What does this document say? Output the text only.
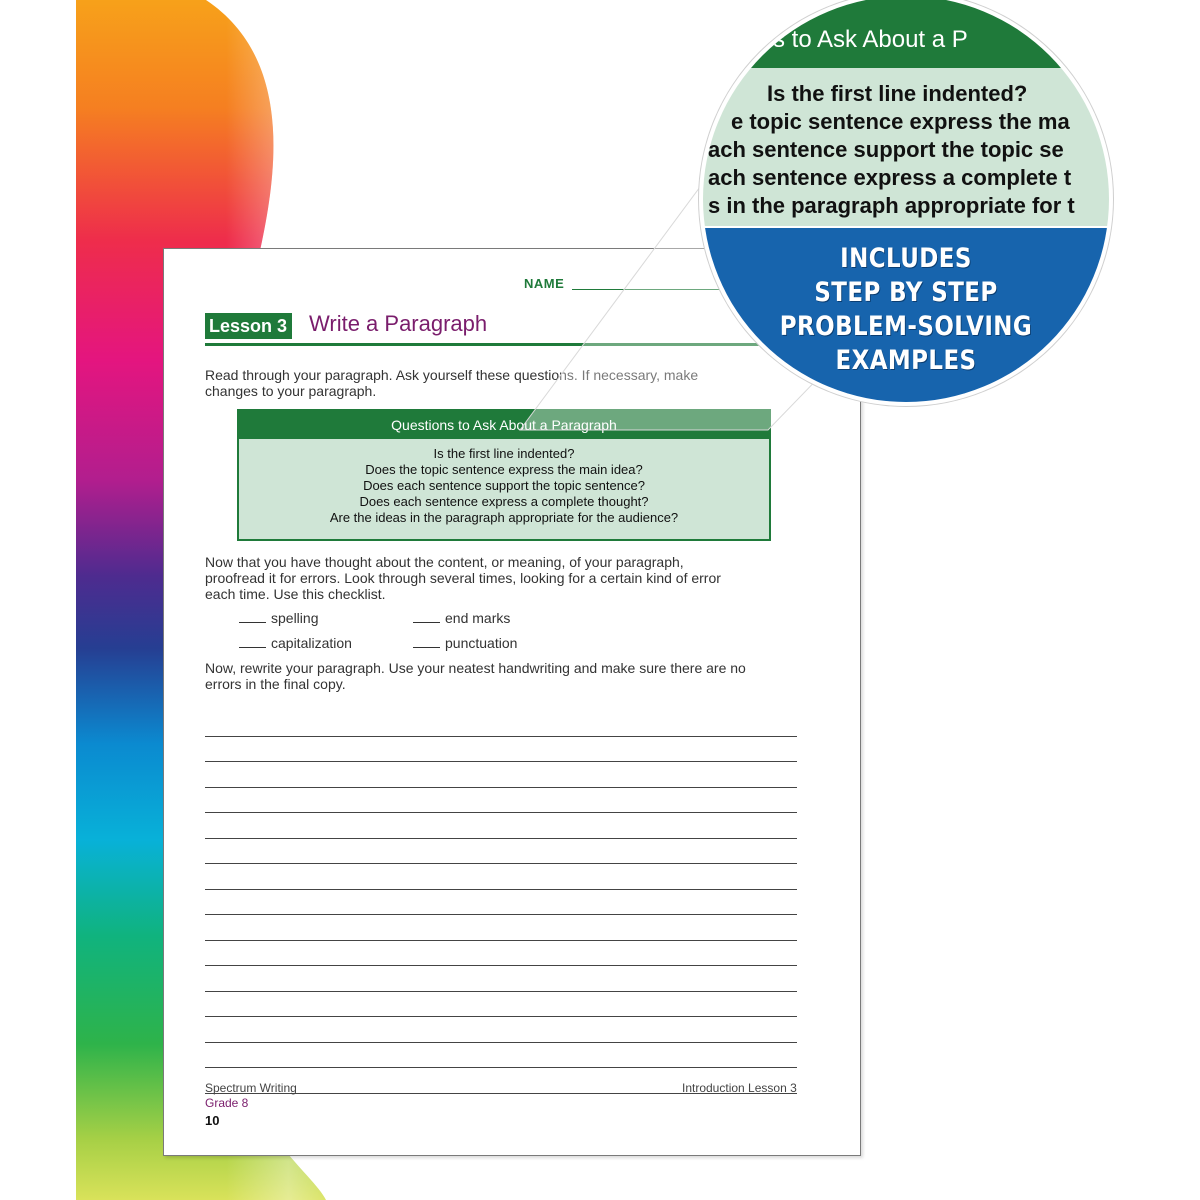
NAME
Lesson 3 Write a Paragraph
Read through your paragraph. Ask yourself these questions. If necessary, make
changes to your paragraph.
Questions to Ask About a Paragraph
Is the first line indented?
Does the topic sentence express the main idea?
Does each sentence support the topic sentence?
Does each sentence express a complete thought?
Are the ideas in the paragraph appropriate for the audience?
Now that you have thought about the content, or meaning, of your paragraph,
proofread it for errors. Look through several times, looking for a certain kind of error
each time. Use this checklist.
spelling	end marks
capitalization	punctuation
Now, rewrite your paragraph. Use your neatest handwriting and make sure there are no
errors in the final copy.
Spectrum Writing
Grade 8
10
Introduction Lesson 3
s to Ask About a P
Is the first line indented?
e topic sentence express the ma
ach sentence support the topic se
ach sentence express a complete t
s in the paragraph appropriate for t
INCLUDES
STEP BY STEP
PROBLEM-SOLVING
EXAMPLES
